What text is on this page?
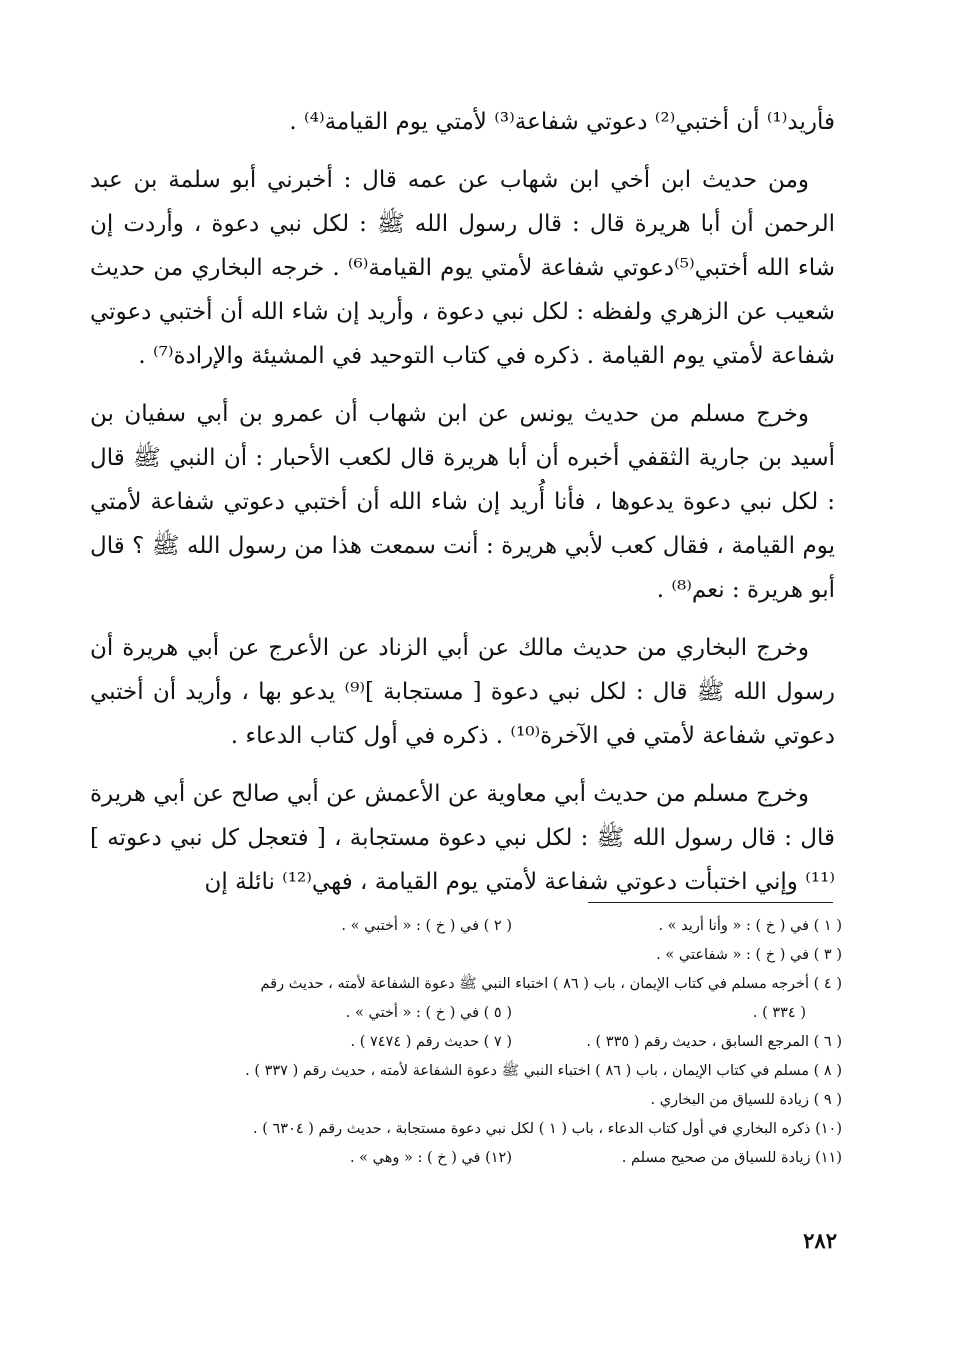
فأريد⁽¹⁾ أن أختبي⁽²⁾ دعوتي شفاعة⁽³⁾ لأمتي يوم القيامة⁽⁴⁾ .

ومن حديث ابن أخي ابن شهاب عن عمه قال : أخبرني أبو سلمة بن عبد الرحمن أن أبا هريرة قال : قال رسول الله ﷺ : لكل نبي دعوة ، وأردت إن شاء الله أختبي⁽⁵⁾دعوتي شفاعة لأمتي يوم القيامة⁽⁶⁾ . خرجه البخاري من حديث شعيب عن الزهري ولفظه : لكل نبي دعوة ، وأريد إن شاء الله أن أختبي دعوتي شفاعة لأمتي يوم القيامة . ذكره في كتاب التوحيد في المشيئة والإرادة⁽⁷⁾ .

وخرج مسلم من حديث يونس عن ابن شهاب أن عمرو بن أبي سفيان بن أسيد بن جارية الثقفي أخبره أن أبا هريرة قال لكعب الأحبار : أن النبي ﷺ قال : لكل نبي دعوة يدعوها ، فأنا أُريد إن شاء الله أن أختبي دعوتي شفاعة لأمتي يوم القيامة ، فقال كعب لأبي هريرة : أنت سمعت هذا من رسول الله ﷺ ؟ قال أبو هريرة : نعم⁽⁸⁾ .

وخرج البخاري من حديث مالك عن أبي الزناد عن الأعرج عن أبي هريرة أن رسول الله ﷺ قال : لكل نبي دعوة [ مستجابة ]⁽⁹⁾ يدعو بها ، وأريد أن أختبي دعوتي شفاعة لأمتي في الآخرة⁽¹⁰⁾ . ذكره في أول كتاب الدعاء .

وخرج مسلم من حديث أبي معاوية عن الأعمش عن أبي صالح عن أبي هريرة قال : قال رسول الله ﷺ : لكل نبي دعوة مستجابة ، [ فتعجل كل نبي دعوته ]⁽¹¹⁾ وإني اختبأت دعوتي شفاعة لأمتي يوم القيامة ، فهي⁽¹²⁾ نائلة إن

( ١ ) في ( خ ) : « وأنا أريد » .
( ٢ ) في ( خ ) : « أختبي » .
( ٣ ) في ( خ ) : « شفاعتي » .
( ٤ ) أخرجه مسلم في كتاب الإيمان ، باب ( ٨٦ ) اختباء النبي ﷺ دعوة الشفاعة لأمته ، حديث رقم
( ٣٣٤ ) .
( ٥ ) في ( خ ) : « أختي » .
( ٦ ) المرجع السابق ، حديث رقم ( ٣٣٥ ) .
( ٧ ) حديث رقم ( ٧٤٧٤ ) .
( ٨ ) مسلم في كتاب الإيمان ، باب ( ٨٦ ) اختباء النبي ﷺ دعوة الشفاعة لأمته ، حديث رقم ( ٣٣٧ ) .
( ٩ ) زيادة للسياق من البخاري .
(١٠) ذكره البخاري في أول كتاب الدعاء ، باب ( ١ ) لكل نبي دعوة مستجابة ، حديث رقم ( ٦٣٠٤ ) .
(١١) زيادة للسياق من صحيح مسلم .
(١٢) في ( خ ) : « وهي » .
٢٨٢
